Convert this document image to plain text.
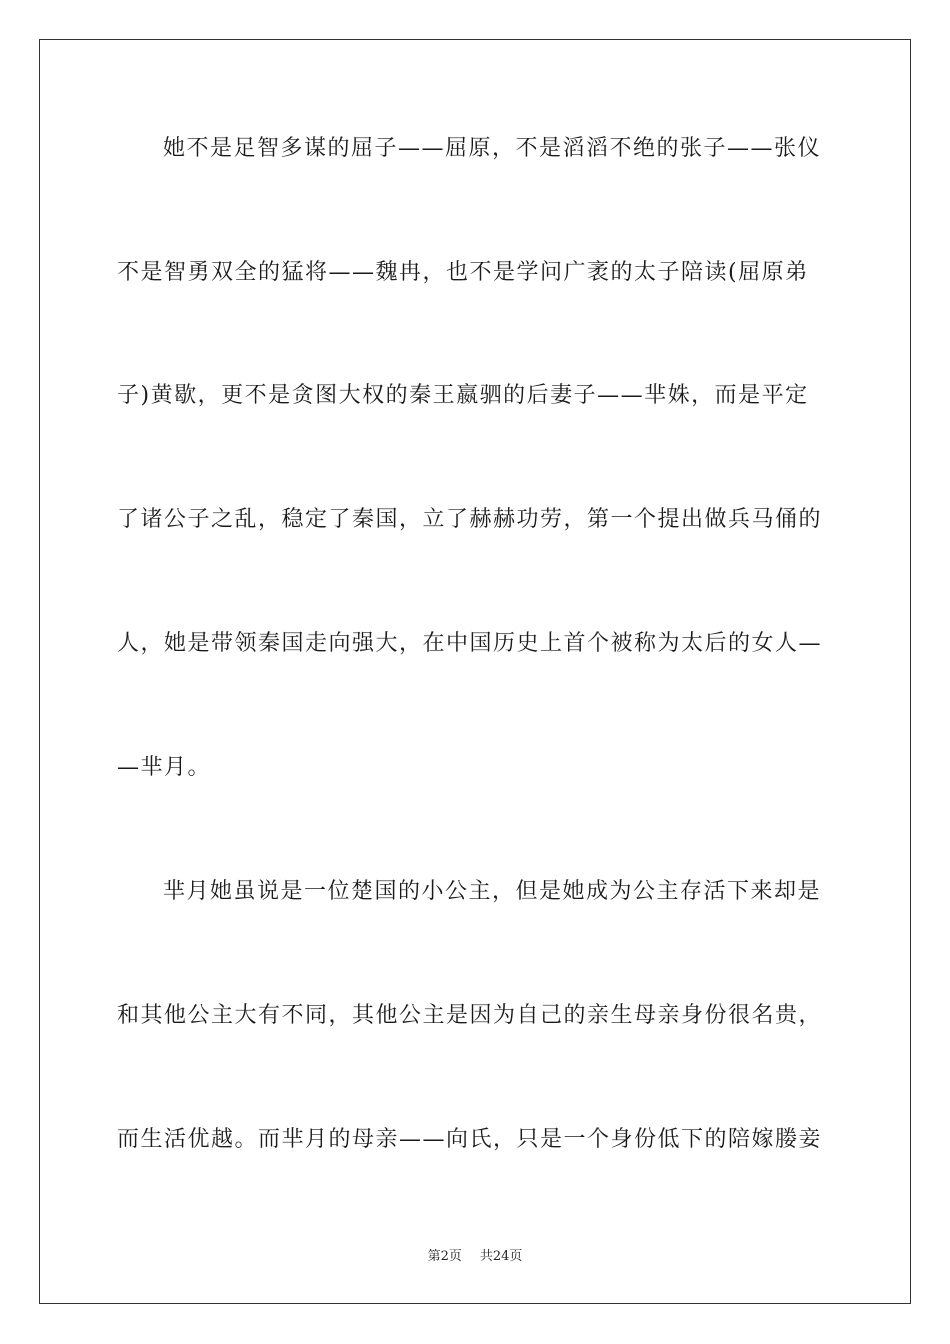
她不是足智多谋的屈子——屈原，不是滔滔不绝的张子——张仪
不是智勇双全的猛将——魏冉，也不是学问广袤的太子陪读(屈原弟
子)黄歇，更不是贪图大权的秦王嬴驷的后妻子——芈姝，而是平定
了诸公子之乱，稳定了秦国，立了赫赫功劳，第一个提出做兵马俑的
人，她是带领秦国走向强大，在中国历史上首个被称为太后的女人—
—芈月。
芈月她虽说是一位楚国的小公主，但是她成为公主存活下来却是
和其他公主大有不同，其他公主是因为自己的亲生母亲身份很名贵，
而生活优越。而芈月的母亲——向氏，只是一个身份低下的陪嫁媵妾
第2页 共24页
